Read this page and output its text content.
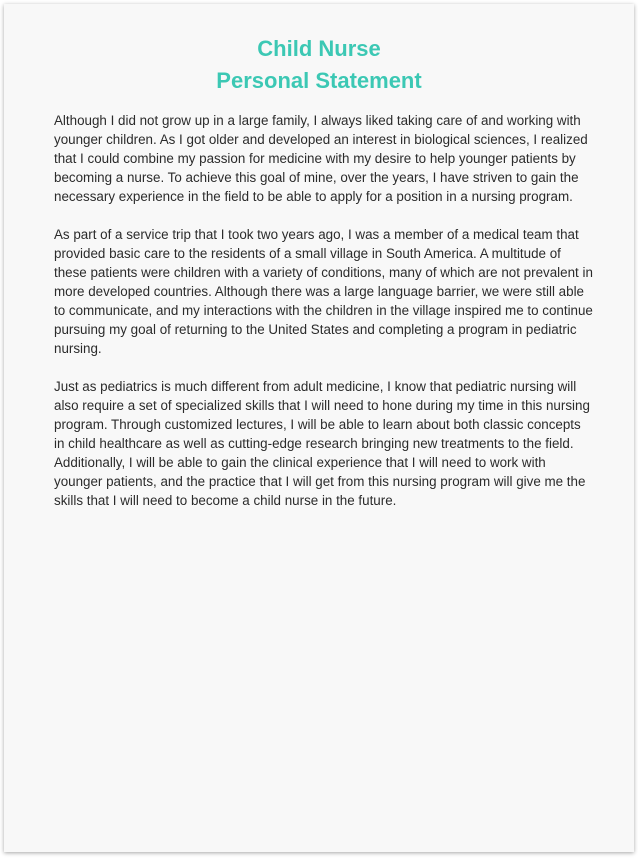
Child Nurse
Personal Statement

Although I did not grow up in a large family, I always liked taking care of and working with younger children. As I got older and developed an interest in biological sciences, I realized that I could combine my passion for medicine with my desire to help younger patients by becoming a nurse. To achieve this goal of mine, over the years, I have striven to gain the necessary experience in the field to be able to apply for a position in a nursing program.

As part of a service trip that I took two years ago, I was a member of a medical team that provided basic care to the residents of a small village in South America. A multitude of these patients were children with a variety of conditions, many of which are not prevalent in more developed countries. Although there was a large language barrier, we were still able to communicate, and my interactions with the children in the village inspired me to continue pursuing my goal of returning to the United States and completing a program in pediatric nursing.

Just as pediatrics is much different from adult medicine, I know that pediatric nursing will also require a set of specialized skills that I will need to hone during my time in this nursing program. Through customized lectures, I will be able to learn about both classic concepts in child healthcare as well as cutting-edge research bringing new treatments to the field. Additionally, I will be able to gain the clinical experience that I will need to work with younger patients, and the practice that I will get from this nursing program will give me the skills that I will need to become a child nurse in the future.
